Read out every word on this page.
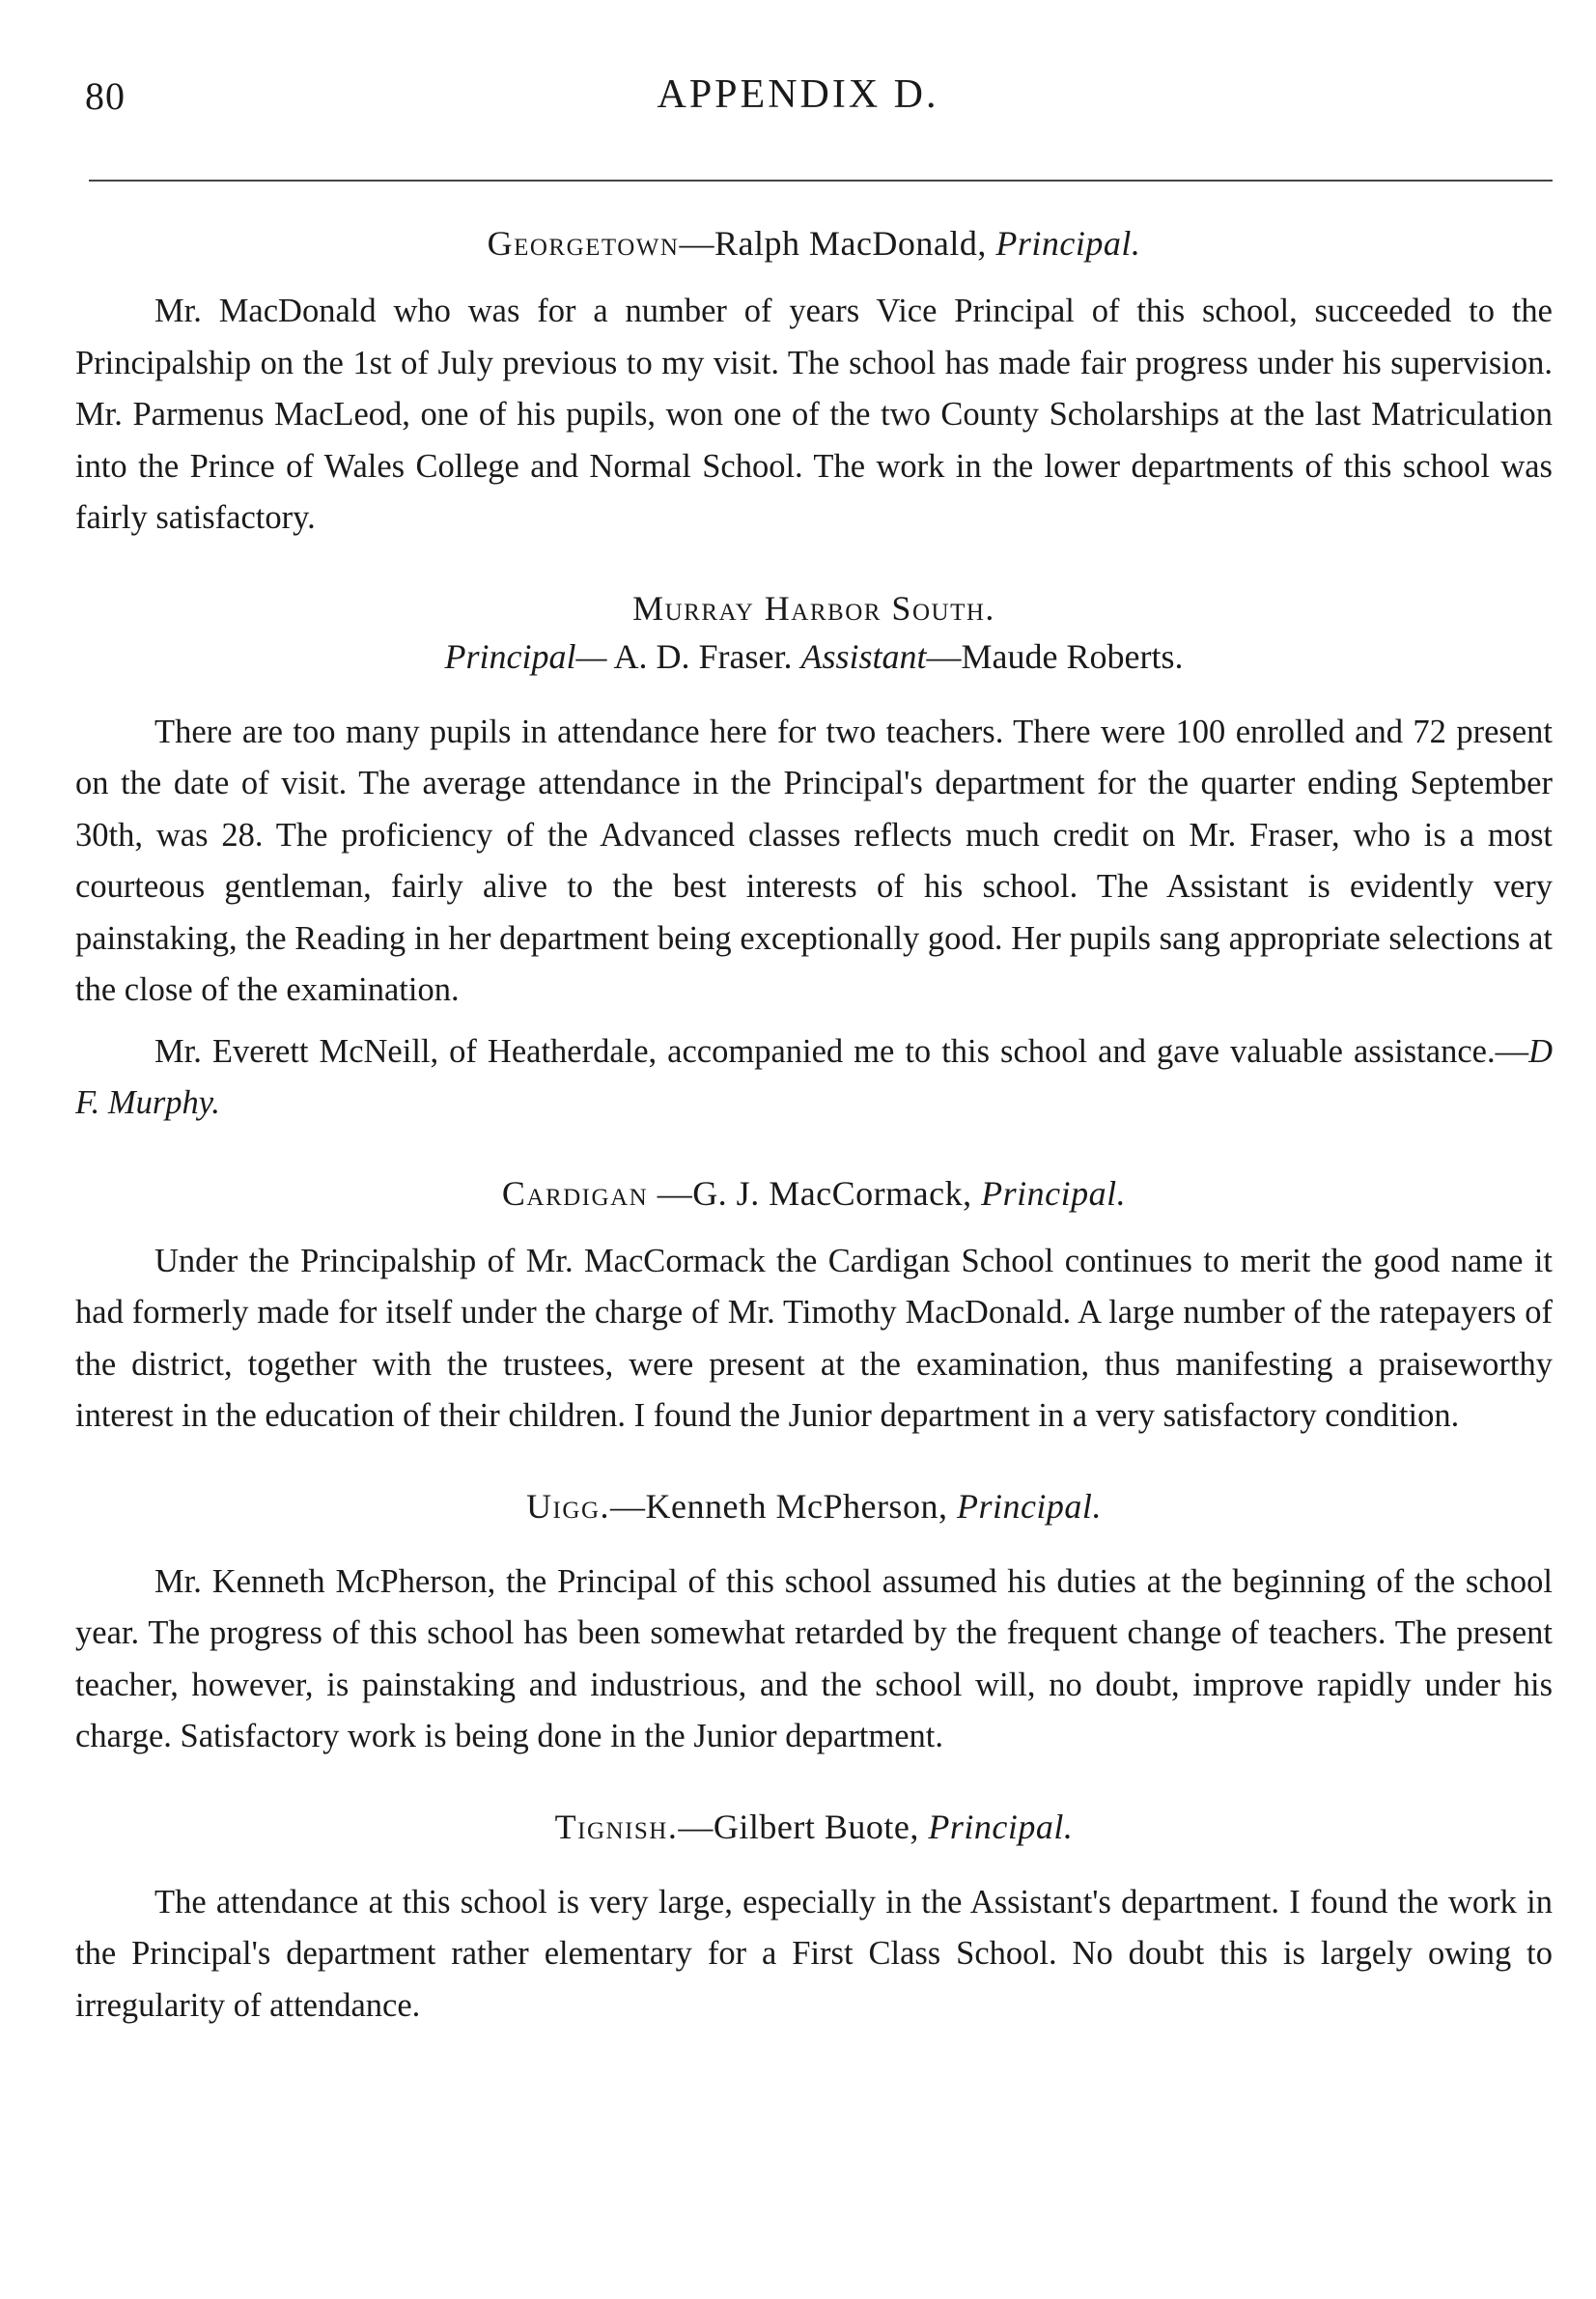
80	APPENDIX D.
Georgetown—Ralph MacDonald, Principal.

Mr. MacDonald who was for a number of years Vice Principal of this school, succeeded to the Principalship on the 1st of July previous to my visit. The school has made fair progress under his supervision. Mr. Parmenus MacLeod, one of his pupils, won one of the two County Scholarships at the last Matriculation into the Prince of Wales College and Normal School. The work in the lower departments of this school was fairly satisfactory.

Murray Harbor South.
Principal— A. D. Fraser. Assistant—Maude Roberts.

There are too many pupils in attendance here for two teachers. There were 100 enrolled and 72 present on the date of visit. The average attendance in the Principal's department for the quarter ending September 30th, was 28. The proficiency of the Advanced classes reflects much credit on Mr. Fraser, who is a most courteous gentleman, fairly alive to the best interests of his school. The Assistant is evidently very painstaking, the Reading in her department being exceptionally good. Her pupils sang appropriate selections at the close of the examination.

Mr. Everett McNeill, of Heatherdale, accompanied me to this school and gave valuable assistance.—D F. Murphy.

Cardigan —G. J. MacCormack, Principal.

Under the Principalship of Mr. MacCormack the Cardigan School continues to merit the good name it had formerly made for itself under the charge of Mr. Timothy MacDonald. A large number of the ratepayers of the district, together with the trustees, were present at the examination, thus manifesting a praiseworthy interest in the education of their children. I found the Junior department in a very satisfactory condition.

Uigg.—Kenneth McPherson, Principal.

Mr. Kenneth McPherson, the Principal of this school assumed his duties at the beginning of the school year. The progress of this school has been somewhat retarded by the frequent change of teachers. The present teacher, however, is painstaking and industrious, and the school will, no doubt, improve rapidly under his charge. Satisfactory work is being done in the Junior department.

Tignish.—Gilbert Buote, Principal.

The attendance at this school is very large, especially in the Assistant's department. I found the work in the Principal's department rather elementary for a First Class School. No doubt this is largely owing to irregularity of attendance.
